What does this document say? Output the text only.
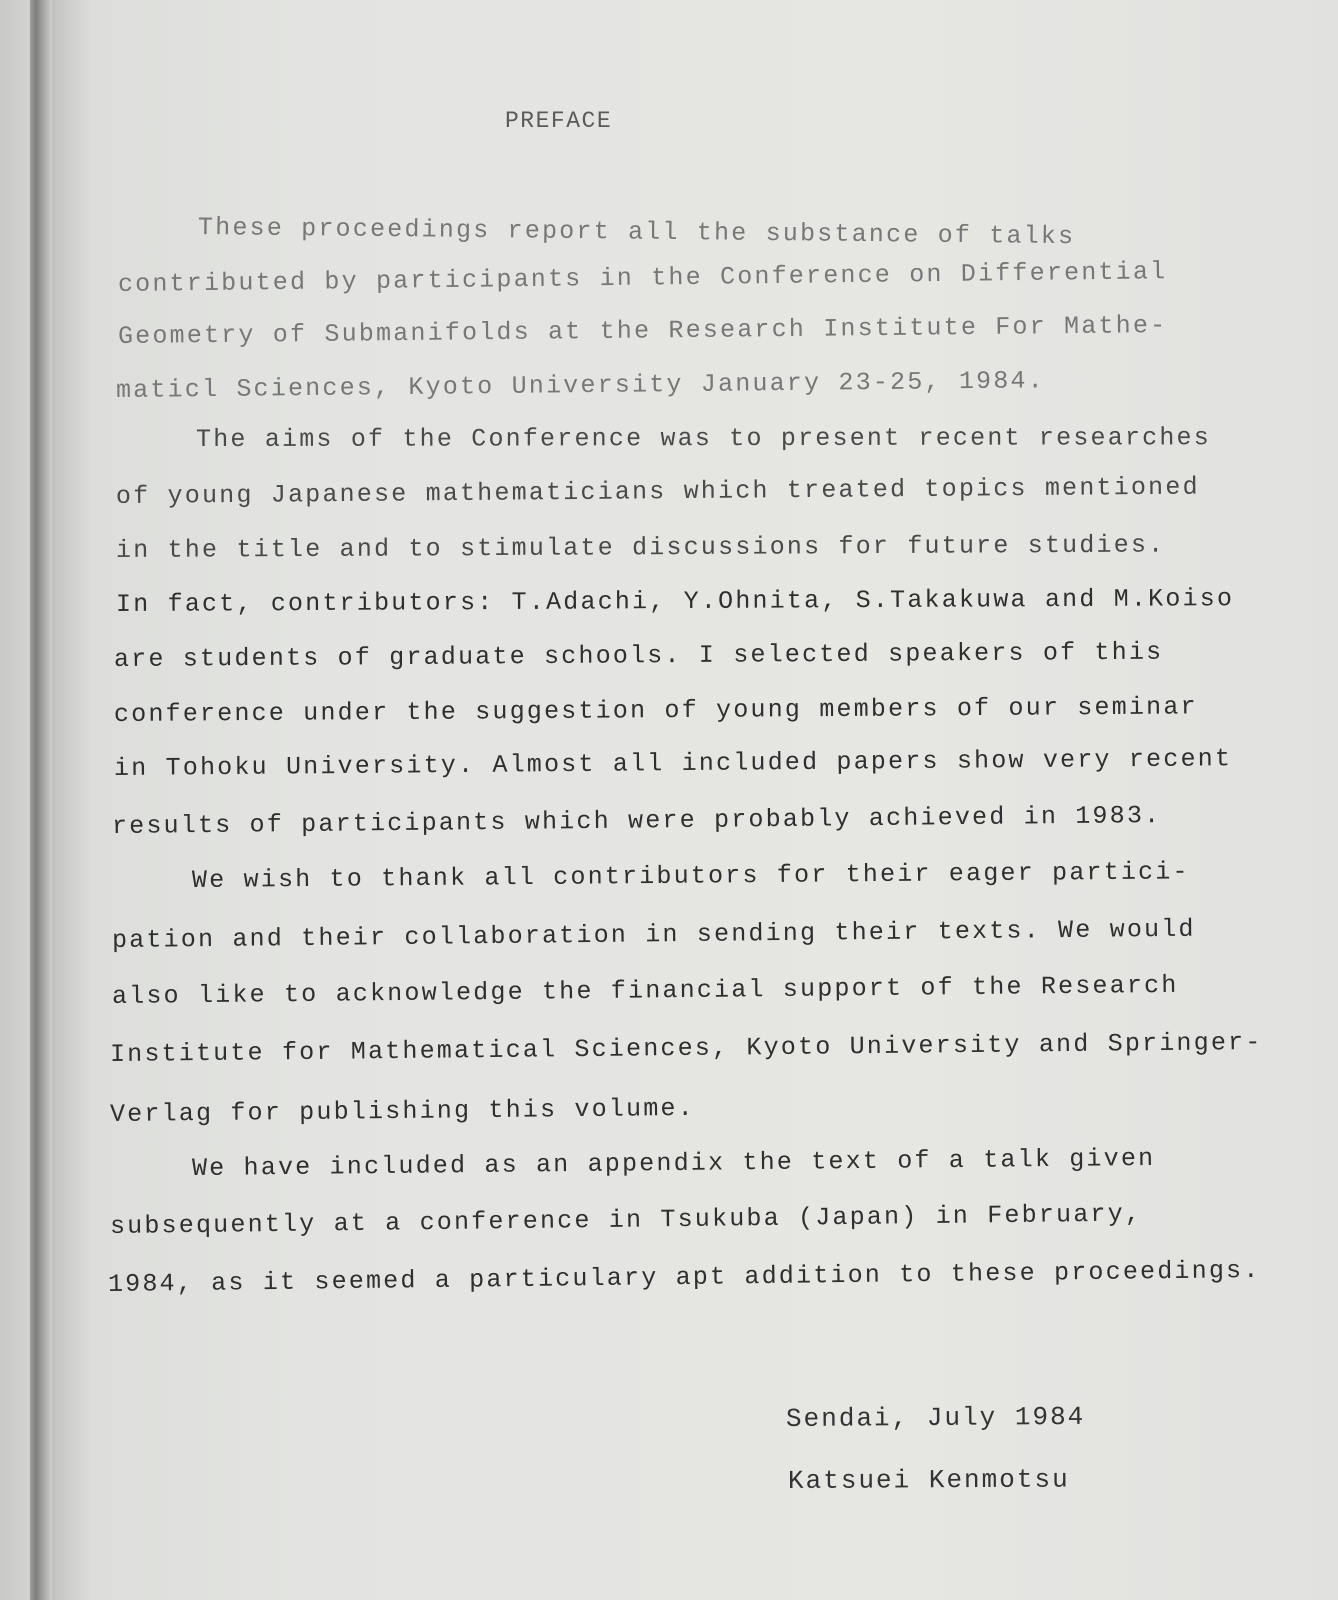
PREFACE
These proceedings report all the substance of talks
contributed by participants in the Conference on Differential
Geometry of Submanifolds at the Research Institute For Mathe-
maticl Sciences, Kyoto University January 23-25, 1984.
The aims of the Conference was to present recent researches
of young Japanese mathematicians which treated topics mentioned
in the title and to stimulate discussions for future studies.
In fact, contributors: T.Adachi, Y.Ohnita, S.Takakuwa and M.Koiso
are students of graduate schools. I selected speakers of this
conference under the suggestion of young members of our seminar
in Tohoku University. Almost all included papers show very recent
results of participants which were probably achieved in 1983.
We wish to thank all contributors for their eager partici-
pation and their collaboration in sending their texts. We would
also like to acknowledge the financial support of the Research
Institute for Mathematical Sciences, Kyoto University and Springer-
Verlag for publishing this volume.
We have included as an appendix the text of a talk given
subsequently at a conference in Tsukuba (Japan) in February,
1984, as it seemed a particulary apt addition to these proceedings.
Sendai, July 1984
Katsuei Kenmotsu
